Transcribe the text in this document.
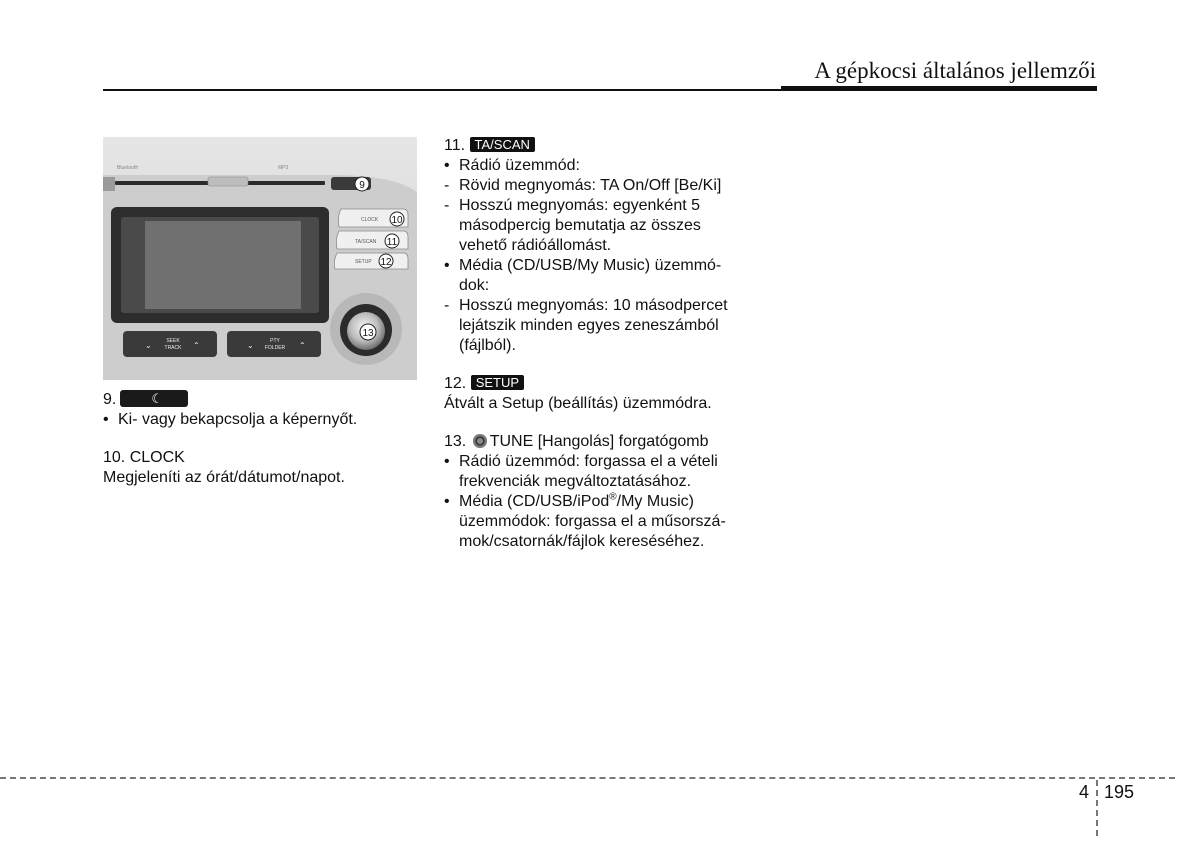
A gépkocsi általános jellemzői
Bluetooth	MP3
9
CLOCK 10
TA/SCAN 11
SETUP 12
13
⌄	SEEK
TRACK ⌃	⌄	PTY
FOLDER ⌃
9.	☾
• Ki- vagy bekapcsolja a képernyőt.
10. CLOCK
Megjeleníti az órát/dátumot/napot.
11. TA/SCAN
• Rádió üzemmód:
- Rövid megnyomás: TA On/Off [Be/Ki]
- Hosszú megnyomás: egyenként 5
másodpercig bemutatja az összes
vehető rádióállomást.
• Média (CD/USB/My Music) üzemmó-
dok:
- Hosszú megnyomás: 10 másodpercet
lejátszik minden egyes zeneszámból
(fájlból).
12. SETUP
Átvált a Setup (beállítás) üzemmódra.
13. TUNE [Hangolás] forgatógomb
• Rádió üzemmód: forgassa el a vételi
frekvenciák megváltoztatásához.
• Média (CD/USB/iPod®/My Music)
üzemmódok: forgassa el a műsorszá-
mok/csatornák/fájlok kereséséhez.
4 195
